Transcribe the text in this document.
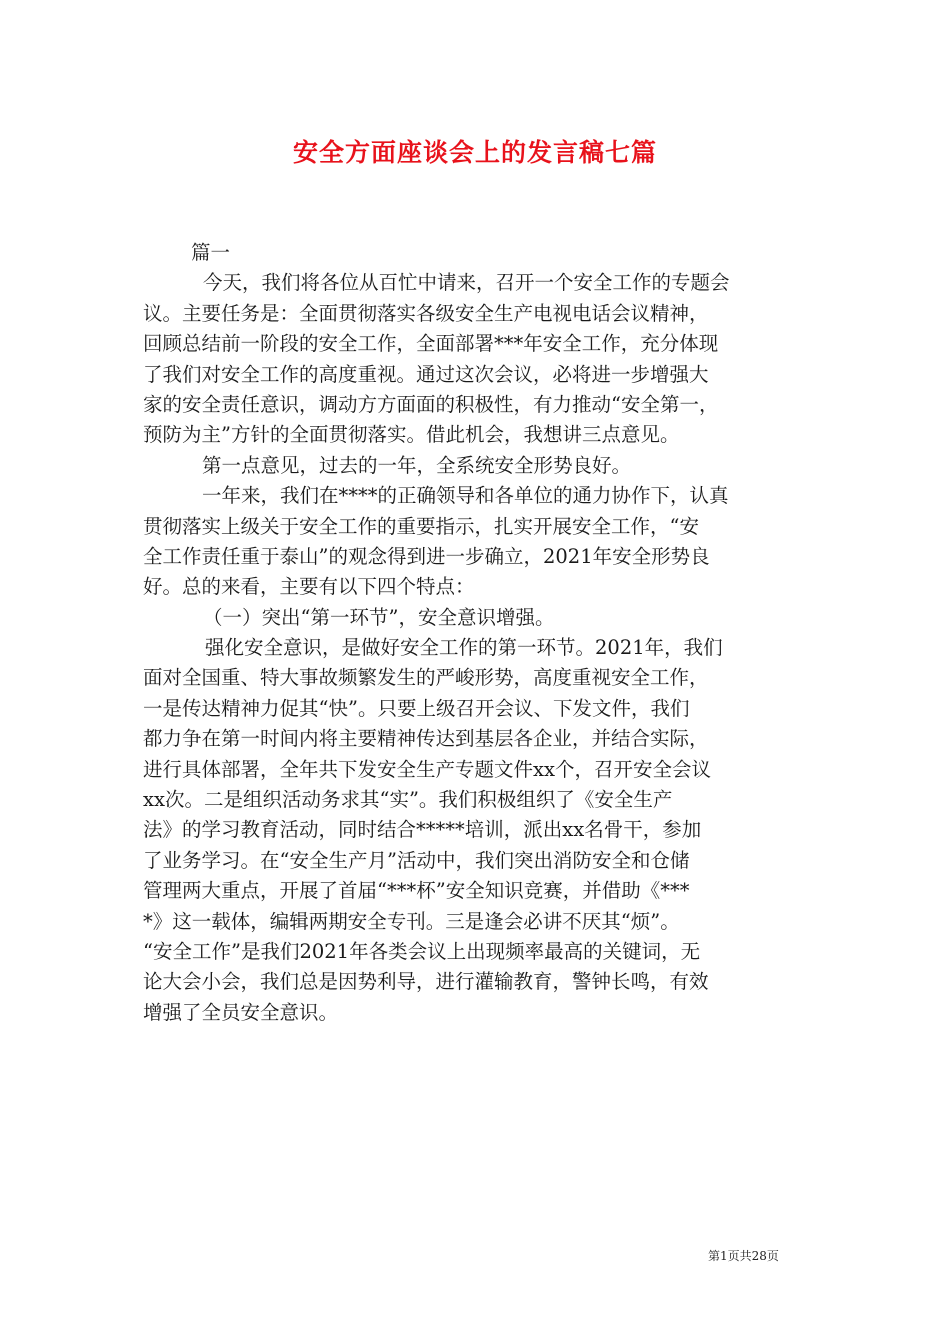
安全方面座谈会上的发言稿七篇
篇一
今天，我们将各位从百忙中请来，召开一个安全工作的专题会
议。主要任务是：全面贯彻落实各级安全生产电视电话会议精神，
回顾总结前一阶段的安全工作，全面部署***年安全工作，充分体现
了我们对安全工作的高度重视。通过这次会议，必将进一步增强大
家的安全责任意识，调动方方面面的积极性，有力推动“安全第一，
预防为主”方针的全面贯彻落实。借此机会，我想讲三点意见。
第一点意见，过去的一年，全系统安全形势良好。
一年来，我们在****的正确领导和各单位的通力协作下，认真
贯彻落实上级关于安全工作的重要指示，扎实开展安全工作，“安
全工作责任重于泰山”的观念得到进一步确立，2021年安全形势良
好。总的来看，主要有以下四个特点：
（一）突出“第一环节”，安全意识增强。
强化安全意识，是做好安全工作的第一环节。2021年，我们
面对全国重、特大事故频繁发生的严峻形势，高度重视安全工作，
一是传达精神力促其“快”。只要上级召开会议、下发文件，我们
都力争在第一时间内将主要精神传达到基层各企业，并结合实际，
进行具体部署，全年共下发安全生产专题文件xx个，召开安全会议
xx次。二是组织活动务求其“实”。我们积极组织了《安全生产
法》的学习教育活动，同时结合*****培训，派出xx名骨干，参加
了业务学习。在“安全生产月”活动中，我们突出消防安全和仓储
管理两大重点，开展了首届“***杯”安全知识竞赛，并借助《***
*》这一载体，编辑两期安全专刊。三是逢会必讲不厌其“烦”。
“安全工作”是我们2021年各类会议上出现频率最高的关键词，无
论大会小会，我们总是因势利导，进行灌输教育，警钟长鸣，有效
增强了全员安全意识。
第1页共28页
